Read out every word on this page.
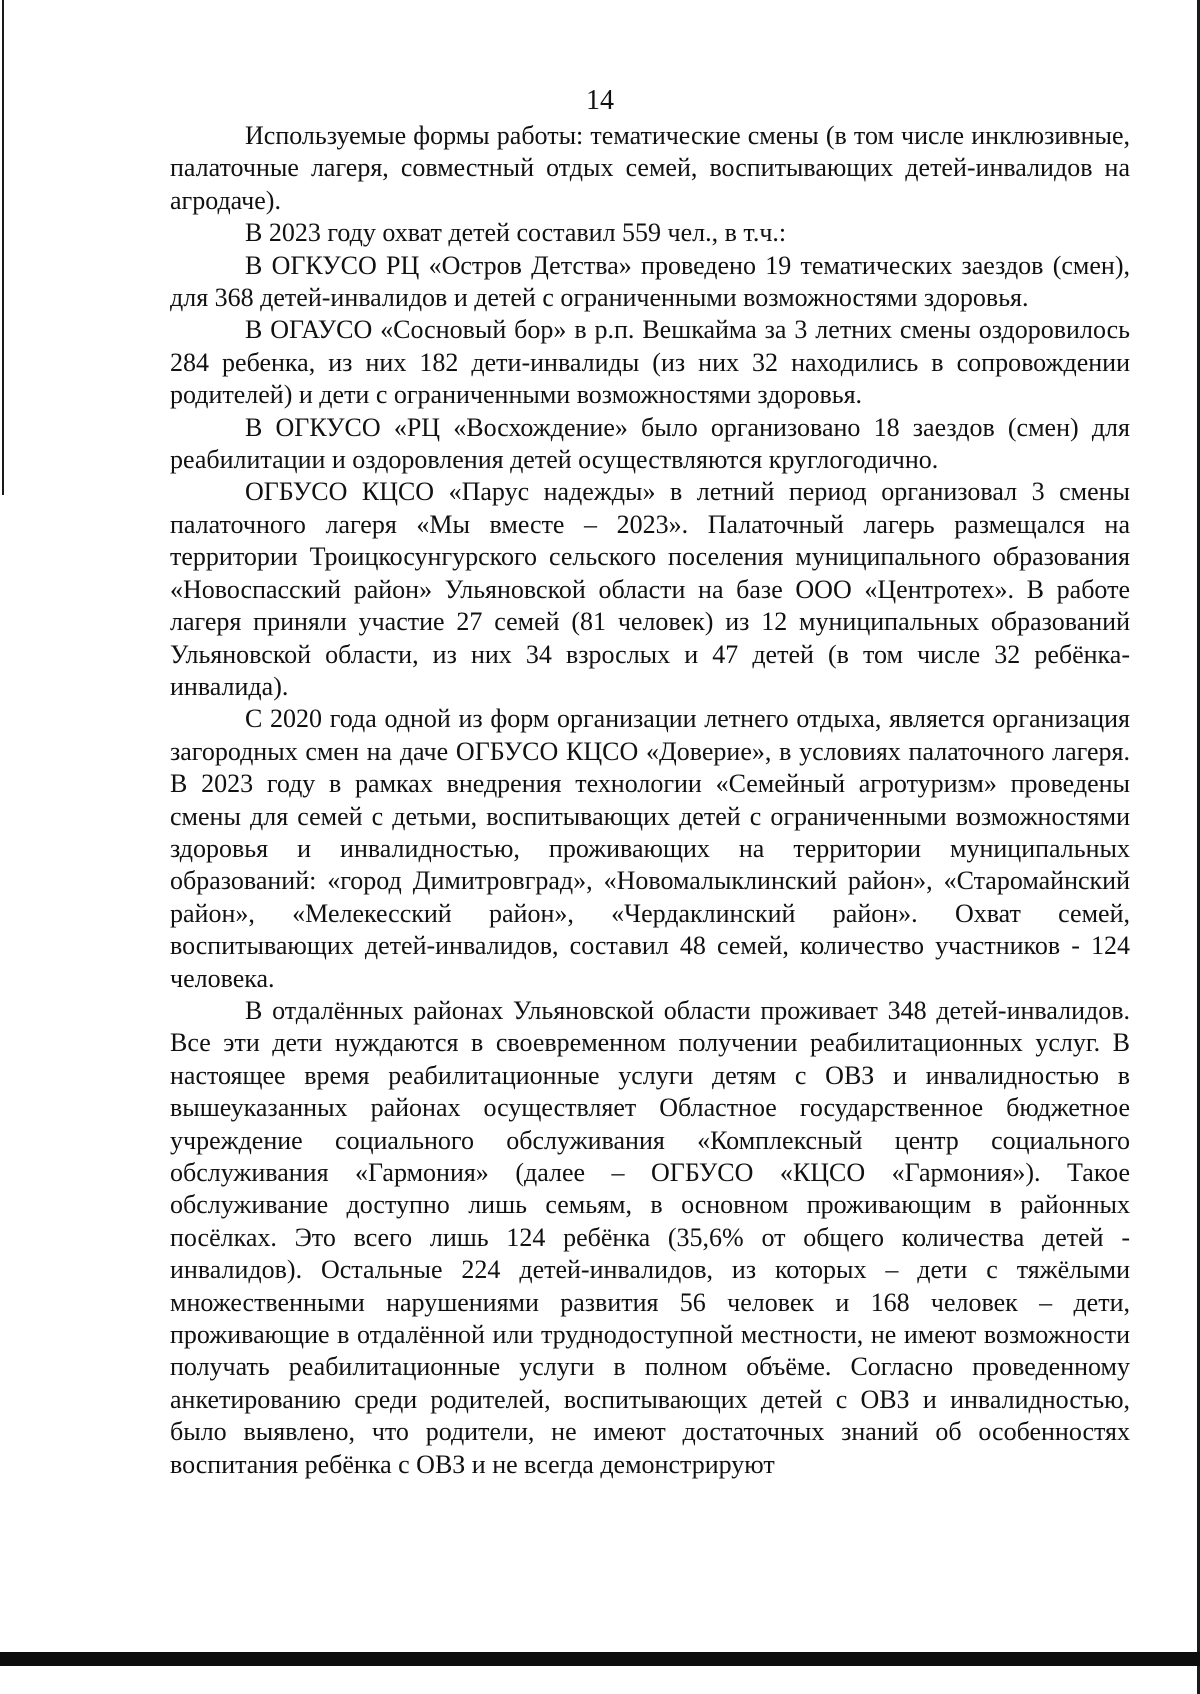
14

Используемые формы работы: тематические смены (в том числе инклюзивные, палаточные лагеря, совместный отдых семей, воспитывающих детей-инвалидов на агродаче).

В 2023 году охват детей составил 559 чел., в т.ч.:

В ОГКУСО РЦ «Остров Детства» проведено 19 тематических заездов (смен), для 368 детей-инвалидов и детей с ограниченными возможностями здоровья.

В ОГАУСО «Сосновый бор» в р.п. Вешкайма за 3 летних смены оздоровилось 284 ребенка, из них 182 дети-инвалиды (из них 32 находились в сопровождении родителей) и дети с ограниченными возможностями здоровья.

В ОГКУСО «РЦ «Восхождение» было организовано 18 заездов (смен) для реабилитации и оздоровления детей осуществляются круглогодично.

ОГБУСО КЦСО «Парус надежды» в летний период организовал 3 смены палаточного лагеря «Мы вместе – 2023». Палаточный лагерь размещался на территории Троицкосунгурского сельского поселения муниципального образования «Новоспасский район» Ульяновской области на базе ООО «Центротех». В работе лагеря приняли участие 27 семей (81 человек) из 12 муниципальных образований Ульяновской области, из них 34 взрослых и 47 детей (в том числе 32 ребёнка-инвалида).

С 2020 года одной из форм организации летнего отдыха, является организация загородных смен на даче ОГБУСО КЦСО «Доверие», в условиях палаточного лагеря. В 2023 году в рамках внедрения технологии «Семейный агротуризм» проведены смены для семей с детьми, воспитывающих детей с ограниченными возможностями здоровья и инвалидностью, проживающих на территории муниципальных образований: «город Димитровград», «Новомалыклинский район», «Старомайнский район», «Мелекесский район», «Чердаклинский район». Охват семей, воспитывающих детей-инвалидов, составил 48 семей, количество участников - 124 человека.

В отдалённых районах Ульяновской области проживает 348 детей-инвалидов. Все эти дети нуждаются в своевременном получении реабилитационных услуг. В настоящее время реабилитационные услуги детям с ОВЗ и инвалидностью в вышеуказанных районах осуществляет Областное государственное бюджетное учреждение социального обслуживания «Комплексный центр социального обслуживания «Гармония» (далее – ОГБУСО «КЦСО «Гармония»). Такое обслуживание доступно лишь семьям, в основном проживающим в районных посёлках. Это всего лишь 124 ребёнка (35,6% от общего количества детей - инвалидов). Остальные 224 детей-инвалидов, из которых – дети с тяжёлыми множественными нарушениями развития 56 человек и 168 человек – дети, проживающие в отдалённой или труднодоступной местности, не имеют возможности получать реабилитационные услуги в полном объёме. Согласно проведенному анкетированию среди родителей, воспитывающих детей с ОВЗ и инвалидностью, было выявлено, что родители, не имеют достаточных знаний об особенностях воспитания ребёнка с ОВЗ и не всегда демонстрируют
